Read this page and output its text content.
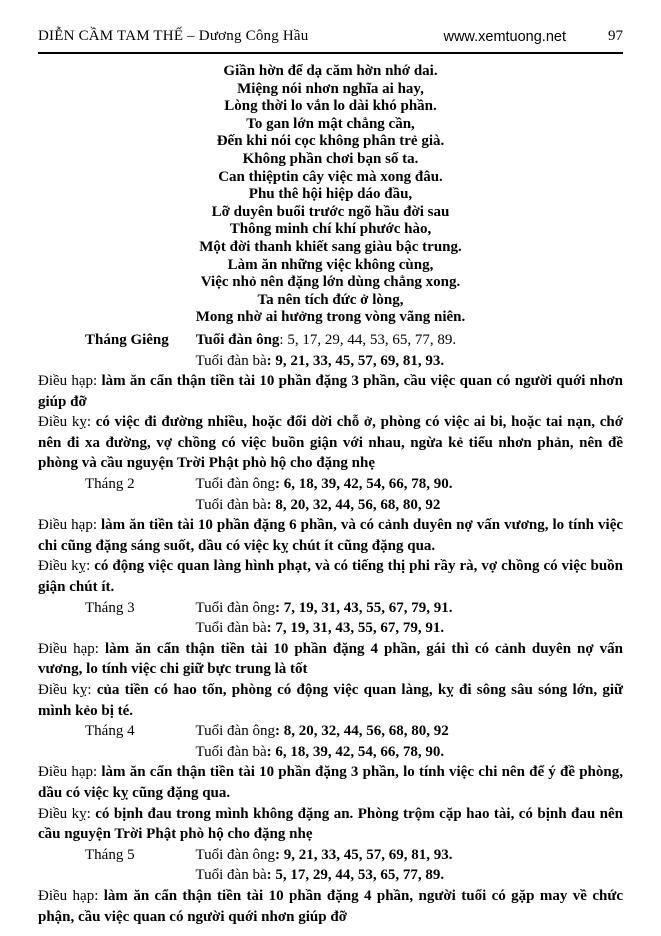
DIỄN CẦM TAM THẾ – Dương Công Hầu	www.xemtuong.net	97
Giần hờn để dạ căm hờn nhớ dai.
Miệng nói nhơn nghĩa ai hay,
Lòng thời lo vắn lo dài khó phần.
To gan lớn mật chẳng cần,
Đến khi nói cọc không phân trẻ già.
Không phần chơi bạn số ta.
Can thiệptin cây việc mà xong đâu.
Phu thê hội hiệp dáo đầu,
Lỡ duyên buổi trước ngõ hầu đời sau
Thông minh chí khí phước hào,
Một đời thanh khiết sang giàu bậc trung.
Làm ăn những việc không cùng,
Việc nhỏ nên đặng lớn dùng chẳng xong.
Ta nên tích đức ở lòng,
Mong nhờ ai hưởng trong vòng vãng niên.
Tháng Giêng Tuổi đàn ông: 5, 17, 29, 44, 53, 65, 77, 89.
Tuổi đàn bà: 9, 21, 33, 45, 57, 69, 81, 93.

Điều hạp: làm ăn cẩn thận tiền tài 10 phần đặng 3 phần, cầu việc quan có người quới nhơn giúp đỡ

Điều kỵ: có việc đi đường nhiều, hoặc đổi dời chỗ ở, phòng có việc ai bi, hoặc tai nạn, chớ nên đi xa đường, vợ chồng có việc buồn giận với nhau, ngừa kẻ tiểu nhơn phản, nên đề phòng và cầu nguyện Trời Phật phò hộ cho đặng nhẹ

Tháng 2	Tuổi đàn ông: 6, 18, 39, 42, 54, 66, 78, 90.
Tuổi đàn bà: 8, 20, 32, 44, 56, 68, 80, 92

Điều hạp: làm ăn tiền tài 10 phần đặng 6 phần, và có cảnh duyên nợ vấn vương, lo tính việc chi cũng đặng sáng suốt, dầu có việc kỵ chút ít cũng đặng qua.

Điều kỵ: có động việc quan làng hình phạt, và có tiếng thị phi rầy rà, vợ chồng có việc buồn giận chút ít.

Tháng 3	Tuổi đàn ông: 7, 19, 31, 43, 55, 67, 79, 91.
Tuổi đàn bà: 7, 19, 31, 43, 55, 67, 79, 91.

Điều hạp: làm ăn cẩn thận tiền tài 10 phần đặng 4 phần, gái thì có cảnh duyên nợ vấn vương, lo tính việc chi giữ bực trung là tốt

Điều kỵ: của tiền có hao tốn, phòng có động việc quan làng, kỵ đi sông sâu sóng lớn, giữ mình kẻo bị té.

Tháng 4	Tuổi đàn ông: 8, 20, 32, 44, 56, 68, 80, 92
Tuổi đàn bà: 6, 18, 39, 42, 54, 66, 78, 90.

Điều hạp: làm ăn cẩn thận tiền tài 10 phần đặng 3 phần, lo tính việc chi nên để ý đề phòng, dầu có việc kỵ cũng đặng qua.

Điều kỵ: có bịnh đau trong mình không đặng an. Phòng trộm cặp hao tài, có bịnh đau nên cầu nguyện Trời Phật phò hộ cho đặng nhẹ

Tháng 5	Tuổi đàn ông: 9, 21, 33, 45, 57, 69, 81, 93.
Tuổi đàn bà: 5, 17, 29, 44, 53, 65, 77, 89.

Điều hạp: làm ăn cẩn thận tiền tài 10 phần đặng 4 phần, người tuổi có gặp may về chức phận, cầu việc quan có người quới nhơn giúp đỡ
